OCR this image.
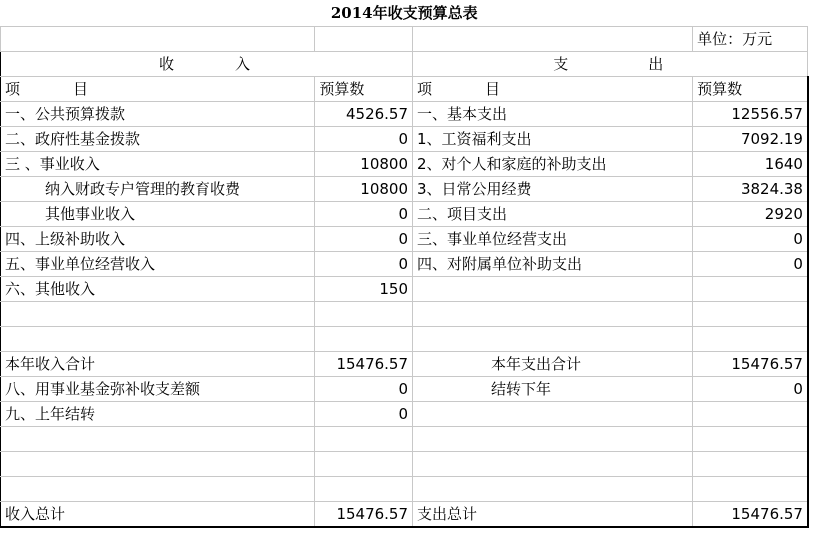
2014年收支预算总表				
			单位：万元	
收　　　入		支　　　　出		
项　　　目	预算数	项　　　目	预算数	
一、公共预算拨款	4526.57	一、基本支出	12556.57	
二、政府性基金拨款	0	1、工资福利支出	7092.19	
三 、事业收入	10800	2、对个人和家庭的补助支出	1640	
纳入财政专户管理的教育收费	10800	3、日常公用经费	3824.38	
其他事业收入	0	二、项目支出	2920	
四、上级补助收入	0	三、事业单位经营支出	0	
五、事业单位经营收入	0	四、对附属单位补助支出	0	
六、其他收入	150			

本年收入合计	15476.57	本年支出合计	15476.57	
八、用事业基金弥补收支差额	0	结转下年	0	
九、上年结转	0			

收入总计	15476.57	支出总计	15476.57	
